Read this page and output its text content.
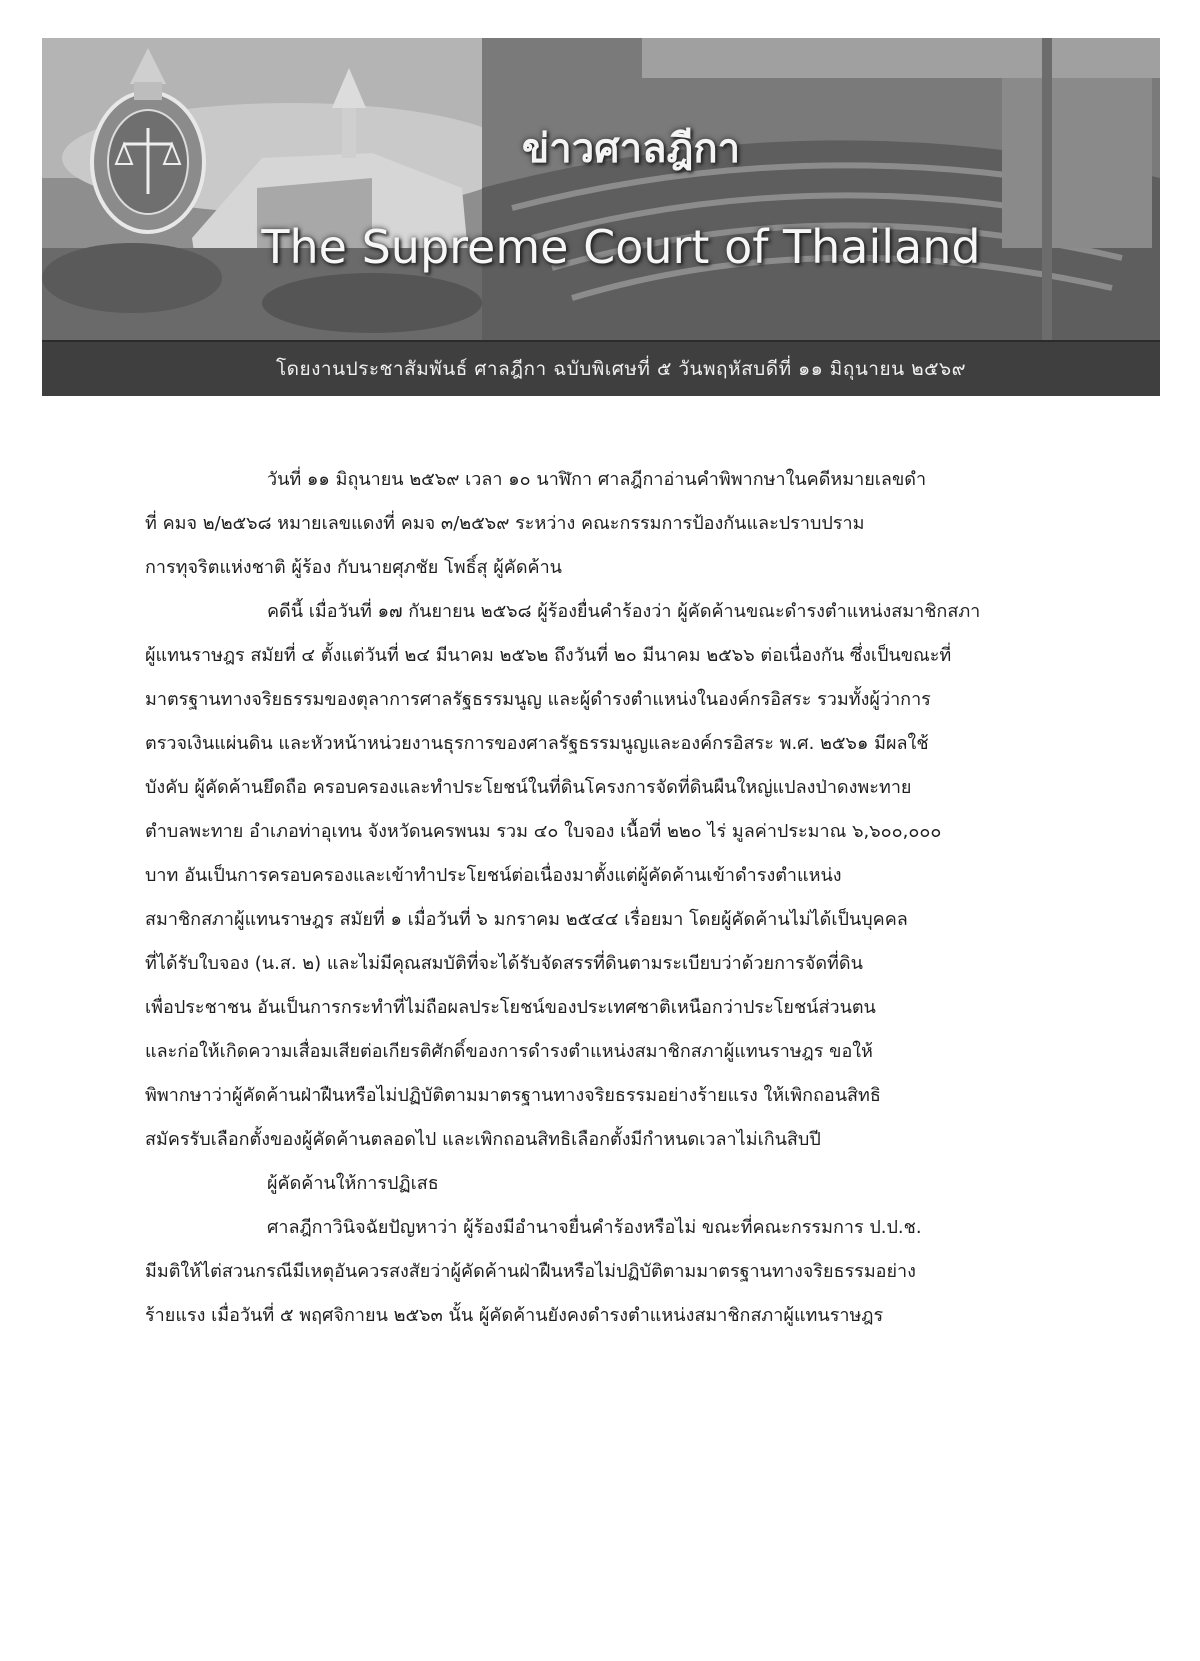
ข่าวศาลฎีกา
The Supreme Court of Thailand
โดยงานประชาสัมพันธ์ ศาลฎีกา ฉบับพิเศษที่ ๕ วันพฤหัสบดีที่ ๑๑ มิถุนายน ๒๕๖๙
วันที่ ๑๑ มิถุนายน ๒๕๖๙ เวลา ๑๐ นาฬิกา ศาลฎีกาอ่านคำพิพากษาในคดีหมายเลขดำ
ที่ คมจ ๒/๒๕๖๘ หมายเลขแดงที่ คมจ ๓/๒๕๖๙ ระหว่าง คณะกรรมการป้องกันและปราบปราม
การทุจริตแห่งชาติ ผู้ร้อง กับนายศุภชัย โพธิ์สุ ผู้คัดค้าน
คดีนี้ เมื่อวันที่ ๑๗ กันยายน ๒๕๖๘ ผู้ร้องยื่นคำร้องว่า ผู้คัดค้านขณะดำรงตำแหน่งสมาชิกสภา
ผู้แทนราษฎร สมัยที่ ๔ ตั้งแต่วันที่ ๒๔ มีนาคม ๒๕๖๒ ถึงวันที่ ๒๐ มีนาคม ๒๕๖๖ ต่อเนื่องกัน ซึ่งเป็นขณะที่
มาตรฐานทางจริยธรรมของตุลาการศาลรัฐธรรมนูญ และผู้ดำรงตำแหน่งในองค์กรอิสระ รวมทั้งผู้ว่าการ
ตรวจเงินแผ่นดิน และหัวหน้าหน่วยงานธุรการของศาลรัฐธรรมนูญและองค์กรอิสระ พ.ศ. ๒๕๖๑ มีผลใช้
บังคับ ผู้คัดค้านยึดถือ ครอบครองและทำประโยชน์ในที่ดินโครงการจัดที่ดินผืนใหญ่แปลงป่าดงพะทาย
ตำบลพะทาย อำเภอท่าอุเทน จังหวัดนครพนม รวม ๔๐ ใบจอง เนื้อที่ ๒๒๐ ไร่ มูลค่าประมาณ ๖,๖๐๐,๐๐๐
บาท อันเป็นการครอบครองและเข้าทำประโยชน์ต่อเนื่องมาตั้งแต่ผู้คัดค้านเข้าดำรงตำแหน่ง
สมาชิกสภาผู้แทนราษฎร สมัยที่ ๑ เมื่อวันที่ ๖ มกราคม ๒๕๔๔ เรื่อยมา โดยผู้คัดค้านไม่ได้เป็นบุคคล
ที่ได้รับใบจอง (น.ส. ๒) และไม่มีคุณสมบัติที่จะได้รับจัดสรรที่ดินตามระเบียบว่าด้วยการจัดที่ดิน
เพื่อประชาชน อันเป็นการกระทำที่ไม่ถือผลประโยชน์ของประเทศชาติเหนือกว่าประโยชน์ส่วนตน
และก่อให้เกิดความเสื่อมเสียต่อเกียรติศักดิ์ของการดำรงตำแหน่งสมาชิกสภาผู้แทนราษฎร ขอให้
พิพากษาว่าผู้คัดค้านฝ่าฝืนหรือไม่ปฏิบัติตามมาตรฐานทางจริยธรรมอย่างร้ายแรง ให้เพิกถอนสิทธิ
สมัครรับเลือกตั้งของผู้คัดค้านตลอดไป และเพิกถอนสิทธิเลือกตั้งมีกำหนดเวลาไม่เกินสิบปี
ผู้คัดค้านให้การปฏิเสธ
ศาลฎีกาวินิจฉัยปัญหาว่า ผู้ร้องมีอำนาจยื่นคำร้องหรือไม่ ขณะที่คณะกรรมการ ป.ป.ช.
มีมติให้ไต่สวนกรณีมีเหตุอันควรสงสัยว่าผู้คัดค้านฝ่าฝืนหรือไม่ปฏิบัติตามมาตรฐานทางจริยธรรมอย่าง
ร้ายแรง เมื่อวันที่ ๕ พฤศจิกายน ๒๕๖๓ นั้น ผู้คัดค้านยังคงดำรงตำแหน่งสมาชิกสภาผู้แทนราษฎร
